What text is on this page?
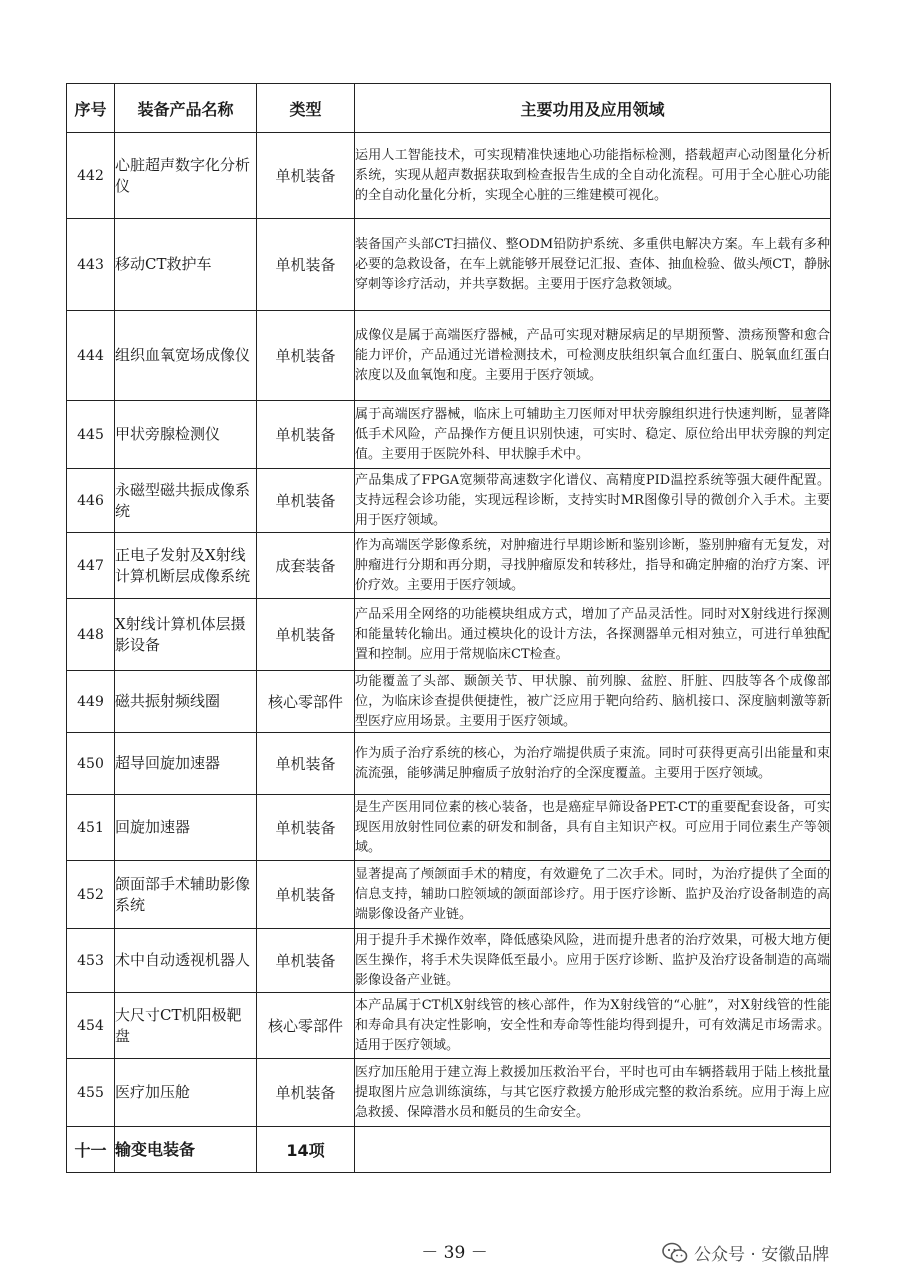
序号	装备产品名称	类型	主要功用及应用领域
442	心脏超声数字化分析仪	单机装备	运用人工智能技术，可实现精准快速地心功能指标检测，搭载超声心动图量化分析系统，实现从超声数据获取到检查报告生成的全自动化流程。可用于全心脏心功能的全自动化量化分析，实现全心脏的三维建模可视化。
443	移动CT救护车	单机装备	装备国产头部CT扫描仪、整ODM铅防护系统、多重供电解决方案。车上载有多种必要的急救设备，在车上就能够开展登记汇报、查体、抽血检验、做头颅CT，静脉穿刺等诊疗活动，并共享数据。主要用于医疗急救领域。
444	组织血氧宽场成像仪	单机装备	成像仪是属于高端医疗器械，产品可实现对糖尿病足的早期预警、溃疡预警和愈合能力评价，产品通过光谱检测技术，可检测皮肤组织氧合血红蛋白、脱氧血红蛋白浓度以及血氧饱和度。主要用于医疗领域。
445	甲状旁腺检测仪	单机装备	属于高端医疗器械，临床上可辅助主刀医师对甲状旁腺组织进行快速判断，显著降低手术风险，产品操作方便且识别快速，可实时、稳定、原位给出甲状旁腺的判定值。主要用于医院外科、甲状腺手术中。
446	永磁型磁共振成像系统	单机装备	产品集成了FPGA宽频带高速数字化谱仪、高精度PID温控系统等强大硬件配置。支持远程会诊功能，实现远程诊断，支持实时MR图像引导的微创介入手术。主要用于医疗领域。
447	正电子发射及X射线计算机断层成像系统	成套装备	作为高端医学影像系统，对肿瘤进行早期诊断和鉴别诊断，鉴别肿瘤有无复发，对肿瘤进行分期和再分期，寻找肿瘤原发和转移灶，指导和确定肿瘤的治疗方案、评价疗效。主要用于医疗领域。
448	X射线计算机体层摄影设备	单机装备	产品采用全网络的功能模块组成方式，增加了产品灵活性。同时对X射线进行探测和能量转化输出。通过模块化的设计方法，各探测器单元相对独立，可进行单独配置和控制。应用于常规临床CT检查。
449	磁共振射频线圈	核心零部件	功能覆盖了头部、颞颌关节、甲状腺、前列腺、盆腔、肝脏、四肢等各个成像部位，为临床诊查提供便捷性，被广泛应用于靶向给药、脑机接口、深度脑刺激等新型医疗应用场景。主要用于医疗领域。
450	超导回旋加速器	单机装备	作为质子治疗系统的核心，为治疗端提供质子束流。同时可获得更高引出能量和束流流强，能够满足肿瘤质子放射治疗的全深度覆盖。主要用于医疗领域。
451	回旋加速器	单机装备	是生产医用同位素的核心装备，也是癌症早筛设备PET-CT的重要配套设备，可实现医用放射性同位素的研发和制备，具有自主知识产权。可应用于同位素生产等领域。
452	颌面部手术辅助影像系统	单机装备	显著提高了颅颌面手术的精度，有效避免了二次手术。同时，为治疗提供了全面的信息支持，辅助口腔领域的颌面部诊疗。用于医疗诊断、监护及治疗设备制造的高端影像设备产业链。
453	术中自动透视机器人	单机装备	用于提升手术操作效率，降低感染风险，进而提升患者的治疗效果，可极大地方便医生操作，将手术失误降低至最小。应用于医疗诊断、监护及治疗设备制造的高端影像设备产业链。
454	大尺寸CT机阳极靶盘	核心零部件	本产品属于CT机X射线管的核心部件，作为X射线管的“心脏”，对X射线管的性能和寿命具有决定性影响，安全性和寿命等性能均得到提升，可有效满足市场需求。适用于医疗领域。
455	医疗加压舱	单机装备	医疗加压舱用于建立海上救援加压救治平台，平时也可由车辆搭载用于陆上核批量提取图片应急训练演练，与其它医疗救援方舱形成完整的救治系统。应用于海上应急救援、保障潜水员和艇员的生命安全。
十一	输变电装备	14项	
－ 39 －	公众号 · 安徽品牌
